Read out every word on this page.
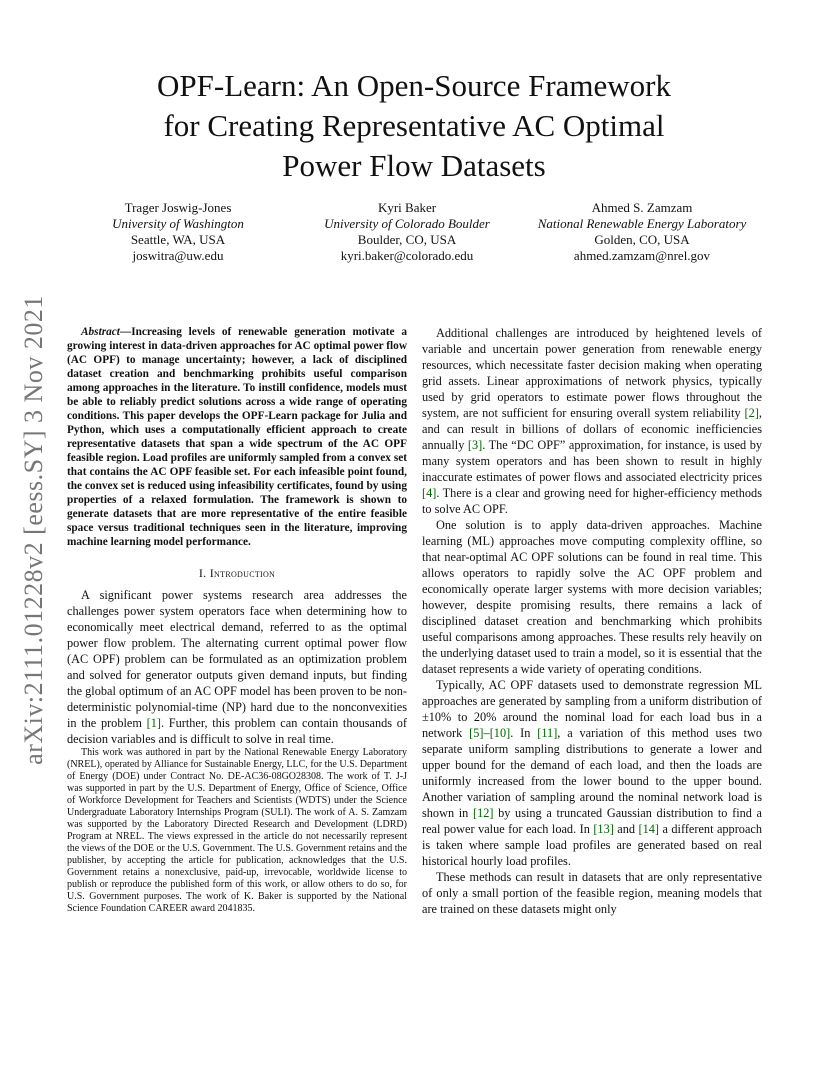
arXiv:2111.01228v2 [eess.SY] 3 Nov 2021
OPF-Learn: An Open-Source Framework
for Creating Representative AC Optimal
Power Flow Datasets
Trager Joswig-Jones
University of Washington
Seattle, WA, USA
joswitra@uw.edu
Kyri Baker
University of Colorado Boulder
Boulder, CO, USA
kyri.baker@colorado.edu
Ahmed S. Zamzam
National Renewable Energy Laboratory
Golden, CO, USA
ahmed.zamzam@nrel.gov

Abstract—Increasing levels of renewable generation motivate a growing interest in data-driven approaches for AC optimal power flow (AC OPF) to manage uncertainty; however, a lack of disciplined dataset creation and benchmarking prohibits useful comparison among approaches in the literature. To instill confidence, models must be able to reliably predict solutions across a wide range of operating conditions. This paper develops the OPF-Learn package for Julia and Python, which uses a computationally efficient approach to create representative datasets that span a wide spectrum of the AC OPF feasible region. Load profiles are uniformly sampled from a convex set that contains the AC OPF feasible set. For each infeasible point found, the convex set is reduced using infeasibility certificates, found by using properties of a relaxed formulation. The framework is shown to generate datasets that are more representative of the entire feasible space versus traditional techniques seen in the literature, improving machine learning model performance.

I. Introduction

A significant power systems research area addresses the challenges power system operators face when determining how to economically meet electrical demand, referred to as the optimal power flow problem. The alternating current optimal power flow (AC OPF) problem can be formulated as an optimization problem and solved for generator outputs given demand inputs, but finding the global optimum of an AC OPF model has been proven to be non-deterministic polynomial-time (NP) hard due to the nonconvexities in the problem [ 1 ] . Further, this problem can contain thousands of decision variables and is difficult to solve in real time.

This work was authored in part by the National Renewable Energy Laboratory (NREL), operated by Alliance for Sustainable Energy, LLC, for the U.S. Department of Energy (DOE) under Contract No. DE-AC36-08GO28308. The work of T. J-J was supported in part by the U.S. Department of Energy, Office of Science, Office of Workforce Development for Teachers and Scientists (WDTS) under the Science Undergraduate Laboratory Internships Program (SULI). The work of A. S. Zamzam was supported by the Laboratory Directed Research and Development (LDRD) Program at NREL. The views expressed in the article do not necessarily represent the views of the DOE or the U.S. Government. The U.S. Government retains and the publisher, by accepting the article for publication, acknowledges that the U.S. Government retains a nonexclusive, paid-up, irrevocable, worldwide license to publish or reproduce the published form of this work, or allow others to do so, for U.S. Government purposes. The work of K. Baker is supported by the National Science Foundation CAREER award 2041835.

Additional challenges are introduced by heightened levels of variable and uncertain power generation from renewable energy resources, which necessitate faster decision making when operating grid assets. Linear approximations of network physics, typically used by grid operators to estimate power flows throughout the system, are not sufficient for ensuring overall system reliability [ 2 ] , and can result in billions of dollars of economic inefficiencies annually [ 3 ] . The “DC OPF” approximation, for instance, is used by many system operators and has been shown to result in highly inaccurate estimates of power flows and associated electricity prices [ 4 ] . There is a clear and growing need for higher-efficiency methods to solve AC OPF.

One solution is to apply data-driven approaches. Machine learning (ML) approaches move computing complexity offline, so that near-optimal AC OPF solutions can be found in real time. This allows operators to rapidly solve the AC OPF problem and economically operate larger systems with more decision variables; however, despite promising results, there remains a lack of disciplined dataset creation and benchmarking which prohibits useful comparisons among approaches. These results rely heavily on the underlying dataset used to train a model, so it is essential that the dataset represents a wide variety of operating conditions.

Typically, AC OPF datasets used to demonstrate regression ML approaches are generated by sampling from a uniform distribution of ±10% to 20% around the nominal load for each load bus in a network [ 5 ] –[ 10 ] . In [ 11 ] , a variation of this method uses two separate uniform sampling distributions to generate a lower and upper bound for the demand of each load, and then the loads are uniformly increased from the lower bound to the upper bound. Another variation of sampling around the nominal network load is shown in [ 12 ] by using a truncated Gaussian distribution to find a real power value for each load. In [ 13 ] and [ 14 ] a different approach is taken where sample load profiles are generated based on real historical hourly load profiles.

These methods can result in datasets that are only representative of only a small portion of the feasible region, meaning models that are trained on these datasets might only
